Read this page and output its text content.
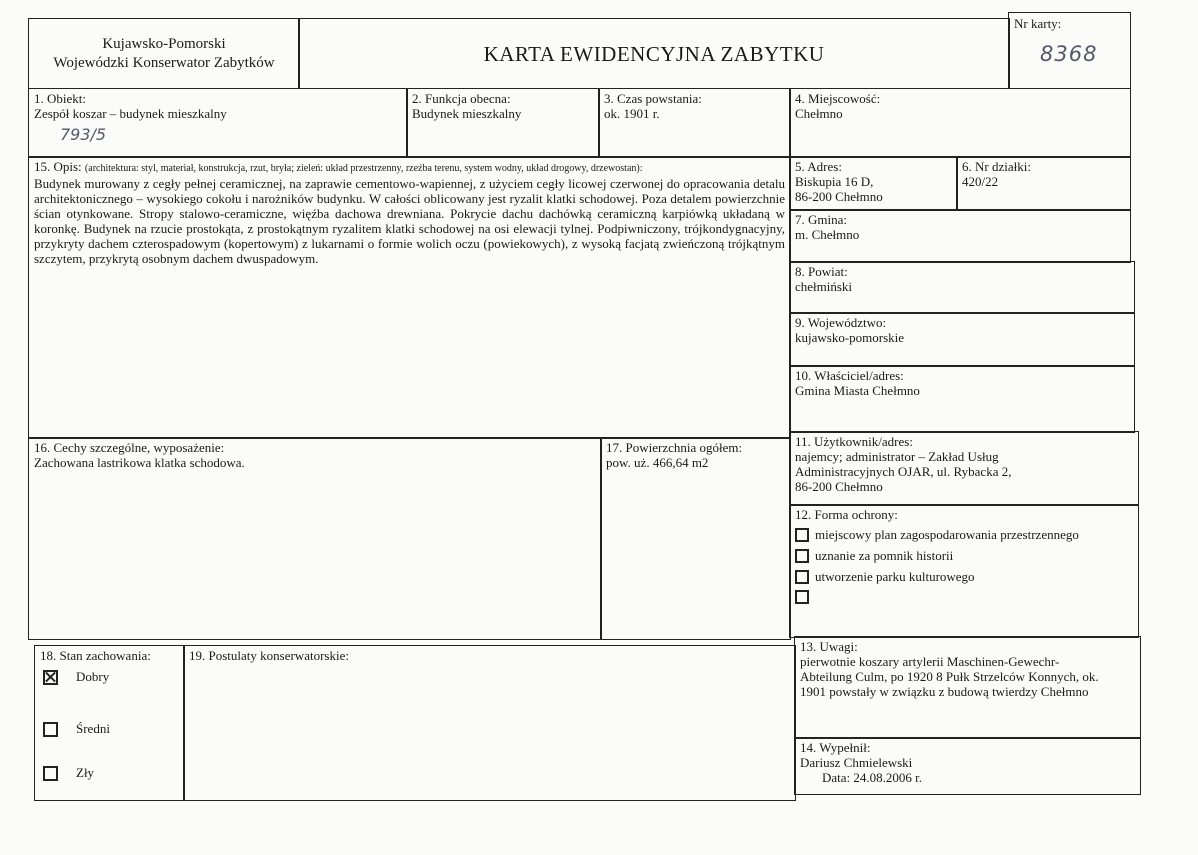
Kujawsko-Pomorski
Wojewódzki Konserwator Zabytków	KARTA EWIDENCYJNA ZABYTKU
Nr karty:
8368
1. Obiekt:
Zespół koszar – budynek mieszkalny
793/5
2. Funkcja obecna:
Budynek mieszkalny
3. Czas powstania:
ok. 1901 r.
4. Miejscowość:
Chełmno
15. Opis: (architektura: styl, materiał, konstrukcja, rzut, bryła; zieleń: układ przestrzenny, rzeźba terenu, system wodny, układ drogowy, drzewostan):

Budynek murowany z cegły pełnej ceramicznej, na zaprawie cementowo-wapiennej, z użyciem cegły licowej czerwonej do opracowania detalu architektonicznego – wysokiego cokołu i narożników budynku. W całości oblicowany jest ryzalit klatki schodowej. Poza detalem powierzchnie ścian otynkowane. Stropy stalowo-ceramiczne, więźba dachowa drewniana. Pokrycie dachu dachówką ceramiczną karpiówką układaną w koronkę. Budynek na rzucie prostokąta, z prostokątnym ryzalitem klatki schodowej na osi elewacji tylnej. Podpiwniczony, trójkondygnacyjny, przykryty dachem czterospadowym (kopertowym) z lukarnami o formie wolich oczu (powiekowych), z wysoką facjatą zwieńczoną trójkątnym szczytem, przykrytą osobnym dachem dwuspadowym.

5. Adres:
Biskupia 16 D,
86-200 Chełmno
6. Nr działki:
420/22
7. Gmina:
m. Chełmno
8. Powiat:
chełmiński
9. Województwo:
kujawsko-pomorskie
10. Właściciel/adres:
Gmina Miasta Chełmno
11. Użytkownik/adres:
najemcy; administrator – Zakład Usług
Administracyjnych OJAR, ul. Rybacka 2,
86-200 Chełmno
12. Forma ochrony:
miejscowy plan zagospodarowania przestrzennego
uznanie za pomnik historii
utworzenie parku kulturowego
16. Cechy szczególne, wyposażenie:
Zachowana lastrikowa klatka schodowa.
17. Powierzchnia ogółem:
pow. uż. 466,64 m2
18. Stan zachowania:
Dobry
Średni
Zły
19. Postulaty konserwatorskie:
13. Uwagi:
pierwotnie koszary artylerii Maschinen-Gewechr-
Abteilung Culm, po 1920 8 Pułk Strzelców Konnych, ok.
1901 powstały w związku z budową twierdzy Chełmno
14. Wypełnił:
Dariusz Chmielewski
Data: 24.08.2006 r.
